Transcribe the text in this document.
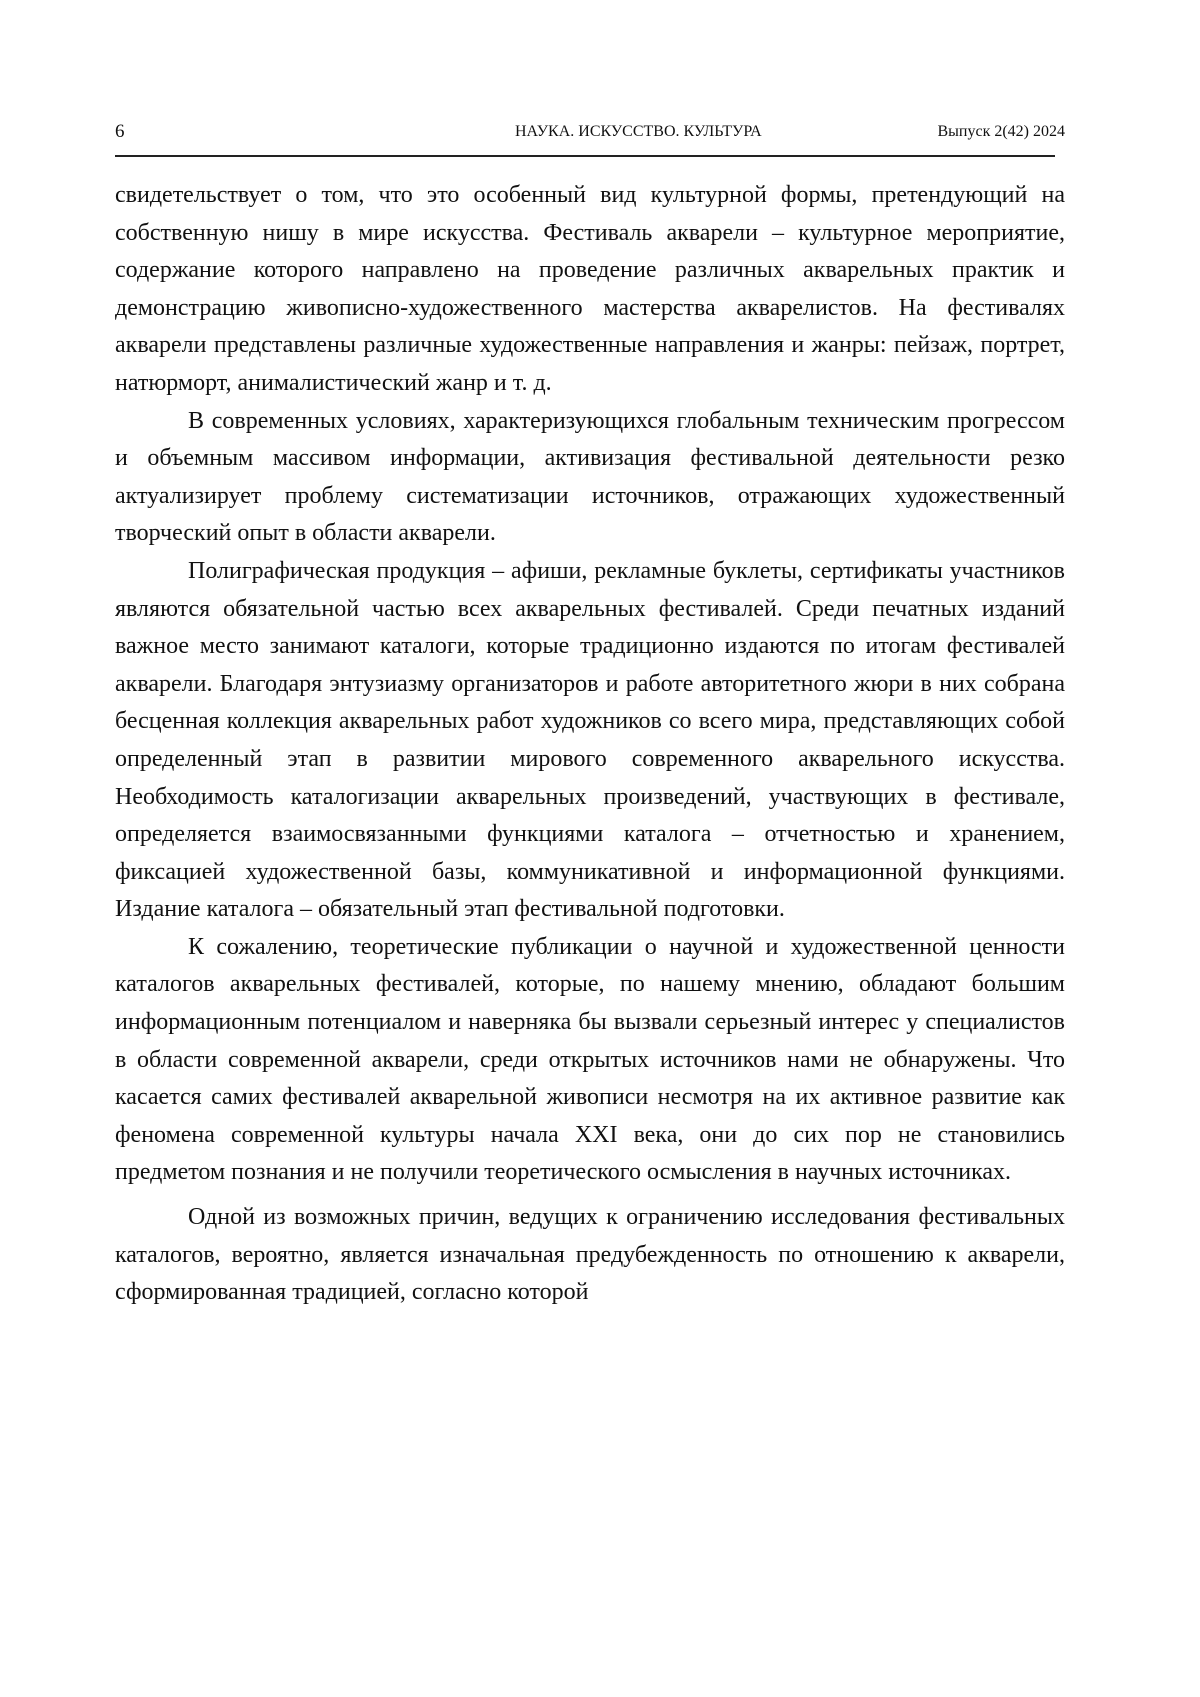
6	НАУКА. ИСКУССТВО. КУЛЬТУРА	Выпуск 2(42) 2024

свидетельствует о том, что это особенный вид культурной формы, претендующий на собственную нишу в мире искусства. Фестиваль акварели – культурное мероприятие, содержание которого направлено на проведение различных акварельных практик и демонстрацию живописно-художественного мастерства акварелистов. На фестивалях акварели представлены различные художественные направления и жанры: пейзаж, портрет, натюрморт, анималистический жанр и т. д.

В современных условиях, характеризующихся глобальным техническим прогрессом и объемным массивом информации, активизация фестивальной деятельности резко актуализирует проблему систематизации источников, отражающих художественный творческий опыт в области акварели.

Полиграфическая продукция – афиши, рекламные буклеты, сертификаты участников являются обязательной частью всех акварельных фестивалей. Среди печатных изданий важное место занимают каталоги, которые традиционно издаются по итогам фестивалей акварели. Благодаря энтузиазму организаторов и работе авторитетного жюри в них собрана бесценная коллекция акварельных работ художников со всего мира, представляющих собой определенный этап в развитии мирового современного акварельного искусства. Необходимость каталогизации акварельных произведений, участвующих в фестивале, определяется взаимосвязанными функциями каталога – отчетностью и хранением, фиксацией художественной базы, коммуникативной и информационной функциями. Издание каталога – обязательный этап фестивальной подготовки.

К сожалению, теоретические публикации о научной и художественной ценности каталогов акварельных фестивалей, которые, по нашему мнению, обладают большим информационным потенциалом и наверняка бы вызвали серьезный интерес у специалистов в области современной акварели, среди открытых источников нами не обнаружены. Что касается самих фестивалей акварельной живописи несмотря на их активное развитие как феномена современной культуры начала XXI века, они до сих пор не становились предметом познания и не получили теоретического осмысления в научных источниках.

Одной из возможных причин, ведущих к ограничению исследования фестивальных каталогов, вероятно, является изначальная предубежденность по отношению к акварели, сформированная традицией, согласно которой
